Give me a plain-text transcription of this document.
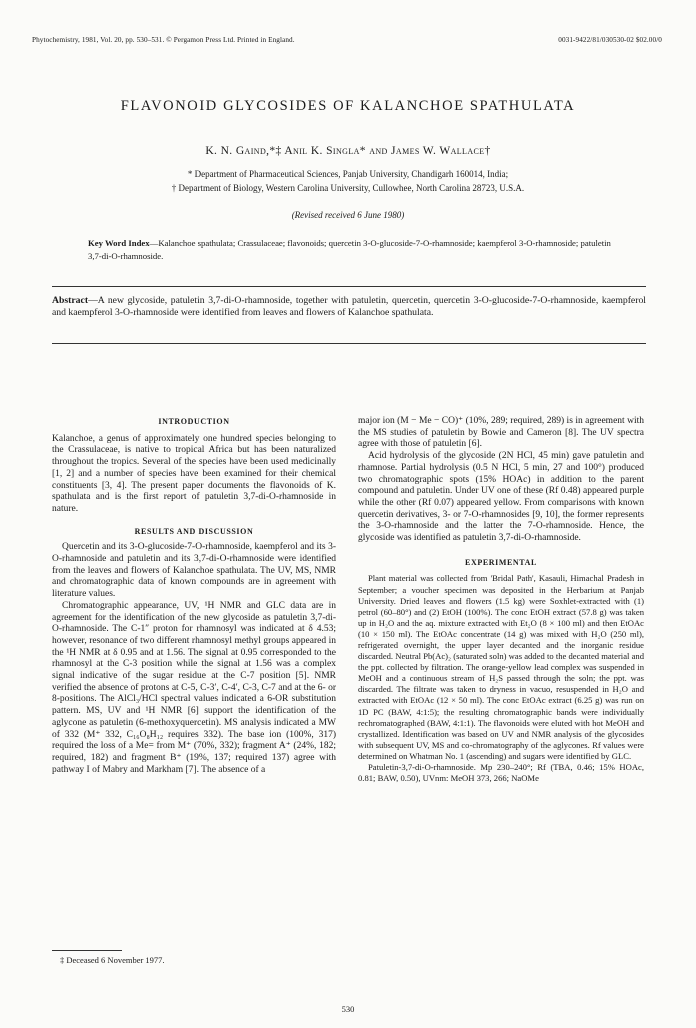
Phytochemistry, 1981, Vol. 20, pp. 530–531. © Pergamon Press Ltd. Printed in England.	0031-9422/81/030530-02 $02.00/0
FLAVONOID GLYCOSIDES OF KALANCHOE SPATHULATA
K. N. Gaind,*‡ Anil K. Singla* and James W. Wallace†
* Department of Pharmaceutical Sciences, Panjab University, Chandigarh 160014, India;
† Department of Biology, Western Carolina University, Cullowhee, North Carolina 28723, U.S.A.
(Revised received 6 June 1980)
Key Word Index—Kalanchoe spathulata; Crassulaceae; flavonoids; quercetin 3-O-glucoside-7-O-rhamnoside; kaempferol 3-O-rhamnoside; patuletin 3,7-di-O-rhamnoside.
Abstract—A new glycoside, patuletin 3,7-di-O-rhamnoside, together with patuletin, quercetin, quercetin 3-O-glucoside-7-O-rhamnoside, kaempferol and kaempferol 3-O-rhamnoside were identified from leaves and flowers of Kalanchoe spathulata.
INTRODUCTION

Kalanchoe, a genus of approximately one hundred species belonging to the Crassulaceae, is native to tropical Africa but has been naturalized throughout the tropics. Several of the species have been used medicinally [1, 2] and a number of species have been examined for their chemical constituents [3, 4]. The present paper documents the flavonoids of K. spathulata and is the first report of patuletin 3,7-di-O-rhamnoside in nature.

RESULTS AND DISCUSSION

Quercetin and its 3-O-glucoside-7-O-rhamnoside, kaempferol and its 3-O-rhamnoside and patuletin and its 3,7-di-O-rhamnoside were identified from the leaves and flowers of Kalanchoe spathulata. The UV, MS, NMR and chromatographic data of known compounds are in agreement with literature values.

Chromatographic appearance, UV, ¹H NMR and GLC data are in agreement for the identification of the new glycoside as patuletin 3,7-di-O-rhamnoside. The C-1″ proton for rhamnosyl was indicated at δ 4.53; however, resonance of two different rhamnosyl methyl groups appeared in the ¹H NMR at δ 0.95 and at 1.56. The signal at 0.95 corresponded to the rhamnosyl at the C-3 position while the signal at 1.56 was a complex signal indicative of the sugar residue at the C-7 position [5]. NMR verified the absence of protons at C-5, C-3′, C-4′, C-3, C-7 and at the 6- or 8-positions. The AlCl₃/HCl spectral values indicated a 6-OR substitution pattern. MS, UV and ¹H NMR [6] support the identification of the aglycone as patuletin (6-methoxyquercetin). MS analysis indicated a MW of 332 (M⁺ 332, C₁₆O₈H₁₂ requires 332). The base ion (100%, 317) required the loss of a Me= from M⁺ (70%, 332); fragment A⁺ (24%, 182; required, 182) and fragment B⁺ (19%, 137; required 137) agree with pathway I of Mabry and Markham [7]. The absence of a

major ion (M − Me − CO)⁺ (10%, 289; required, 289) is in agreement with the MS studies of patuletin by Bowie and Cameron [8]. The UV spectra agree with those of patuletin [6].

Acid hydrolysis of the glycoside (2N HCl, 45 min) gave patuletin and rhamnose. Partial hydrolysis (0.5 N HCl, 5 min, 27 and 100°) produced two chromatographic spots (15% HOAc) in addition to the parent compound and patuletin. Under UV one of these (Rf 0.48) appeared purple while the other (Rf 0.07) appeared yellow. From comparisons with known quercetin derivatives, 3- or 7-O-rhamnosides [9, 10], the former represents the 3-O-rhamnoside and the latter the 7-O-rhamnoside. Hence, the glycoside was identified as patuletin 3,7-di-O-rhamnoside.

EXPERIMENTAL

Plant material was collected from 'Bridal Path', Kasauli, Himachal Pradesh in September; a voucher specimen was deposited in the Herbarium at Panjab University. Dried leaves and flowers (1.5 kg) were Soxhlet-extracted with (1) petrol (60–80°) and (2) EtOH (100%). The conc EtOH extract (57.8 g) was taken up in H₂O and the aq. mixture extracted with Et₂O (8 × 100 ml) and then EtOAc (10 × 150 ml). The EtOAc concentrate (14 g) was mixed with H₂O (250 ml), refrigerated overnight, the upper layer decanted and the inorganic residue discarded. Neutral Pb(Ac)₂ (saturated soln) was added to the decanted material and the ppt. collected by filtration. The orange-yellow lead complex was suspended in MeOH and a continuous stream of H₂S passed through the soln; the ppt. was discarded. The filtrate was taken to dryness in vacuo, resuspended in H₂O and extracted with EtOAc (12 × 50 ml). The conc EtOAc extract (6.25 g) was run on 1D PC (BAW, 4:1:5); the resulting chromatographic bands were individually rechromatographed (BAW, 4:1:1). The flavonoids were eluted with hot MeOH and crystallized. Identification was based on UV and NMR analysis of the glycosides with subsequent UV, MS and co-chromatography of the aglycones. Rf values were determined on Whatman No. 1 (ascending) and sugars were identified by GLC.

Patuletin-3,7-di-O-rhamnoside. Mp 230–240°; Rf (TBA, 0.46; 15% HOAc, 0.81; BAW, 0.50), UVnm: MeOH 373, 266; NaOMe

‡ Deceased 6 November 1977.
530
